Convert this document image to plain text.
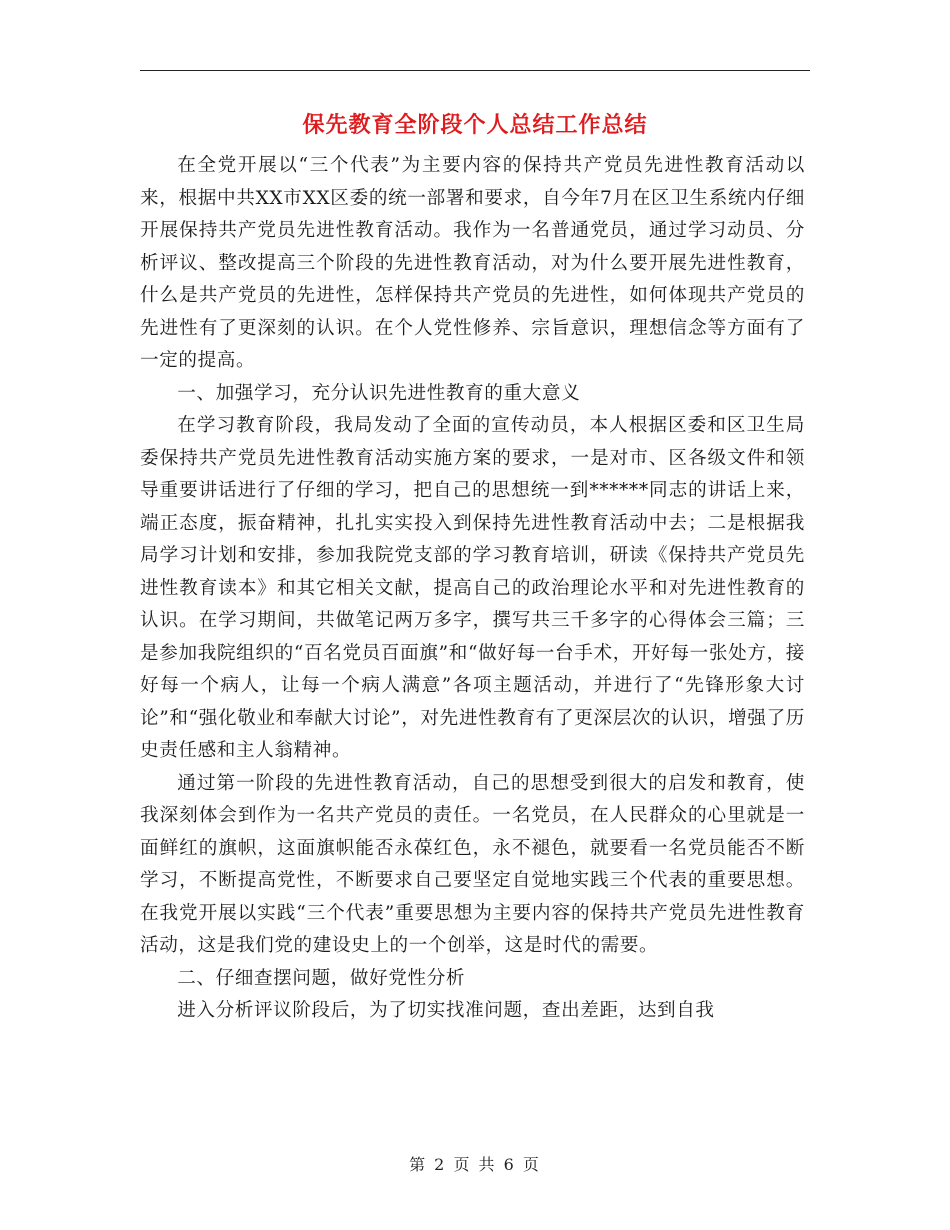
保先教育全阶段个人总结工作总结

在全党开展以“三个代表”为主要内容的保持共产党员先进性教育活动以来，根据中共XX市XX区委的统一部署和要求，自今年7月在区卫生系统内仔细开展保持共产党员先进性教育活动。我作为一名普通党员，通过学习动员、分析评议、整改提高三个阶段的先进性教育活动，对为什么要开展先进性教育，什么是共产党员的先进性，怎样保持共产党员的先进性，如何体现共产党员的先进性有了更深刻的认识。在个人党性修养、宗旨意识，理想信念等方面有了一定的提高。

一、加强学习，充分认识先进性教育的重大意义

在学习教育阶段，我局发动了全面的宣传动员，本人根据区委和区卫生局委保持共产党员先进性教育活动实施方案的要求，一是对市、区各级文件和领导重要讲话进行了仔细的学习，把自己的思想统一到******同志的讲话上来，端正态度，振奋精神，扎扎实实投入到保持先进性教育活动中去；二是根据我局学习计划和安排，参加我院党支部的学习教育培训，研读《保持共产党员先进性教育读本》和其它相关文献，提高自己的政治理论水平和对先进性教育的认识。在学习期间，共做笔记两万多字，撰写共三千多字的心得体会三篇；三是参加我院组织的“百名党员百面旗”和“做好每一台手术，开好每一张处方，接好每一个病人，让每一个病人满意”各项主题活动，并进行了“先锋形象大讨论”和“强化敬业和奉献大讨论”，对先进性教育有了更深层次的认识，增强了历史责任感和主人翁精神。

通过第一阶段的先进性教育活动，自己的思想受到很大的启发和教育，使我深刻体会到作为一名共产党员的责任。一名党员，在人民群众的心里就是一面鲜红的旗帜，这面旗帜能否永葆红色，永不褪色，就要看一名党员能否不断学习，不断提高党性，不断要求自己要坚定自觉地实践三个代表的重要思想。在我党开展以实践“三个代表”重要思想为主要内容的保持共产党员先进性教育活动，这是我们党的建设史上的一个创举，这是时代的需要。

二、仔细查摆问题，做好党性分析

进入分析评议阶段后，为了切实找准问题，查出差距，达到自我

第 2 页 共 6 页
